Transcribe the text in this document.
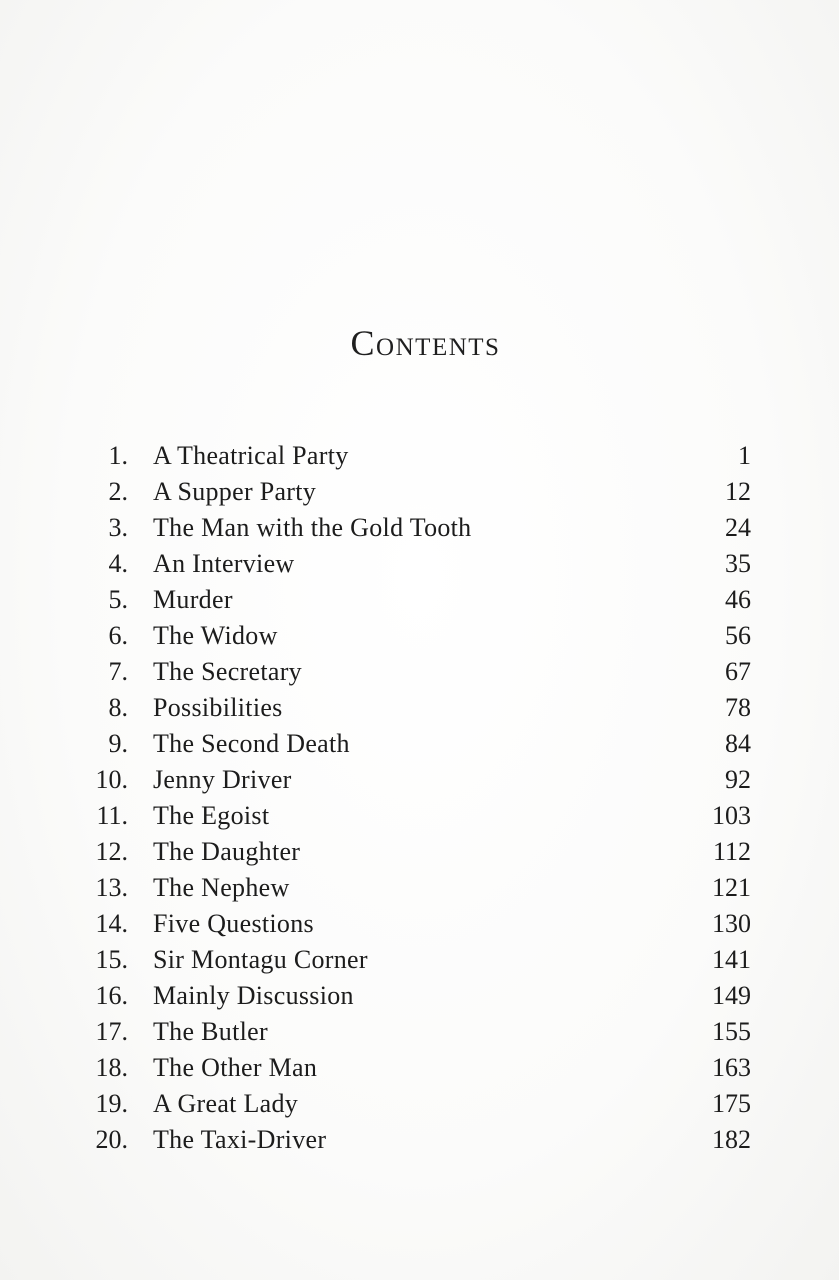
Contents
1. A Theatrical Party	1
2. A Supper Party	12
3. The Man with the Gold Tooth	24
4. An Interview	35
5. Murder	46
6. The Widow	56
7. The Secretary	67
8. Possibilities	78
9. The Second Death	84
10. Jenny Driver	92
11. The Egoist	103
12. The Daughter	112
13. The Nephew	121
14. Five Questions	130
15. Sir Montagu Corner	141
16. Mainly Discussion	149
17. The Butler	155
18. The Other Man	163
19. A Great Lady	175
20. The Taxi-Driver	182
